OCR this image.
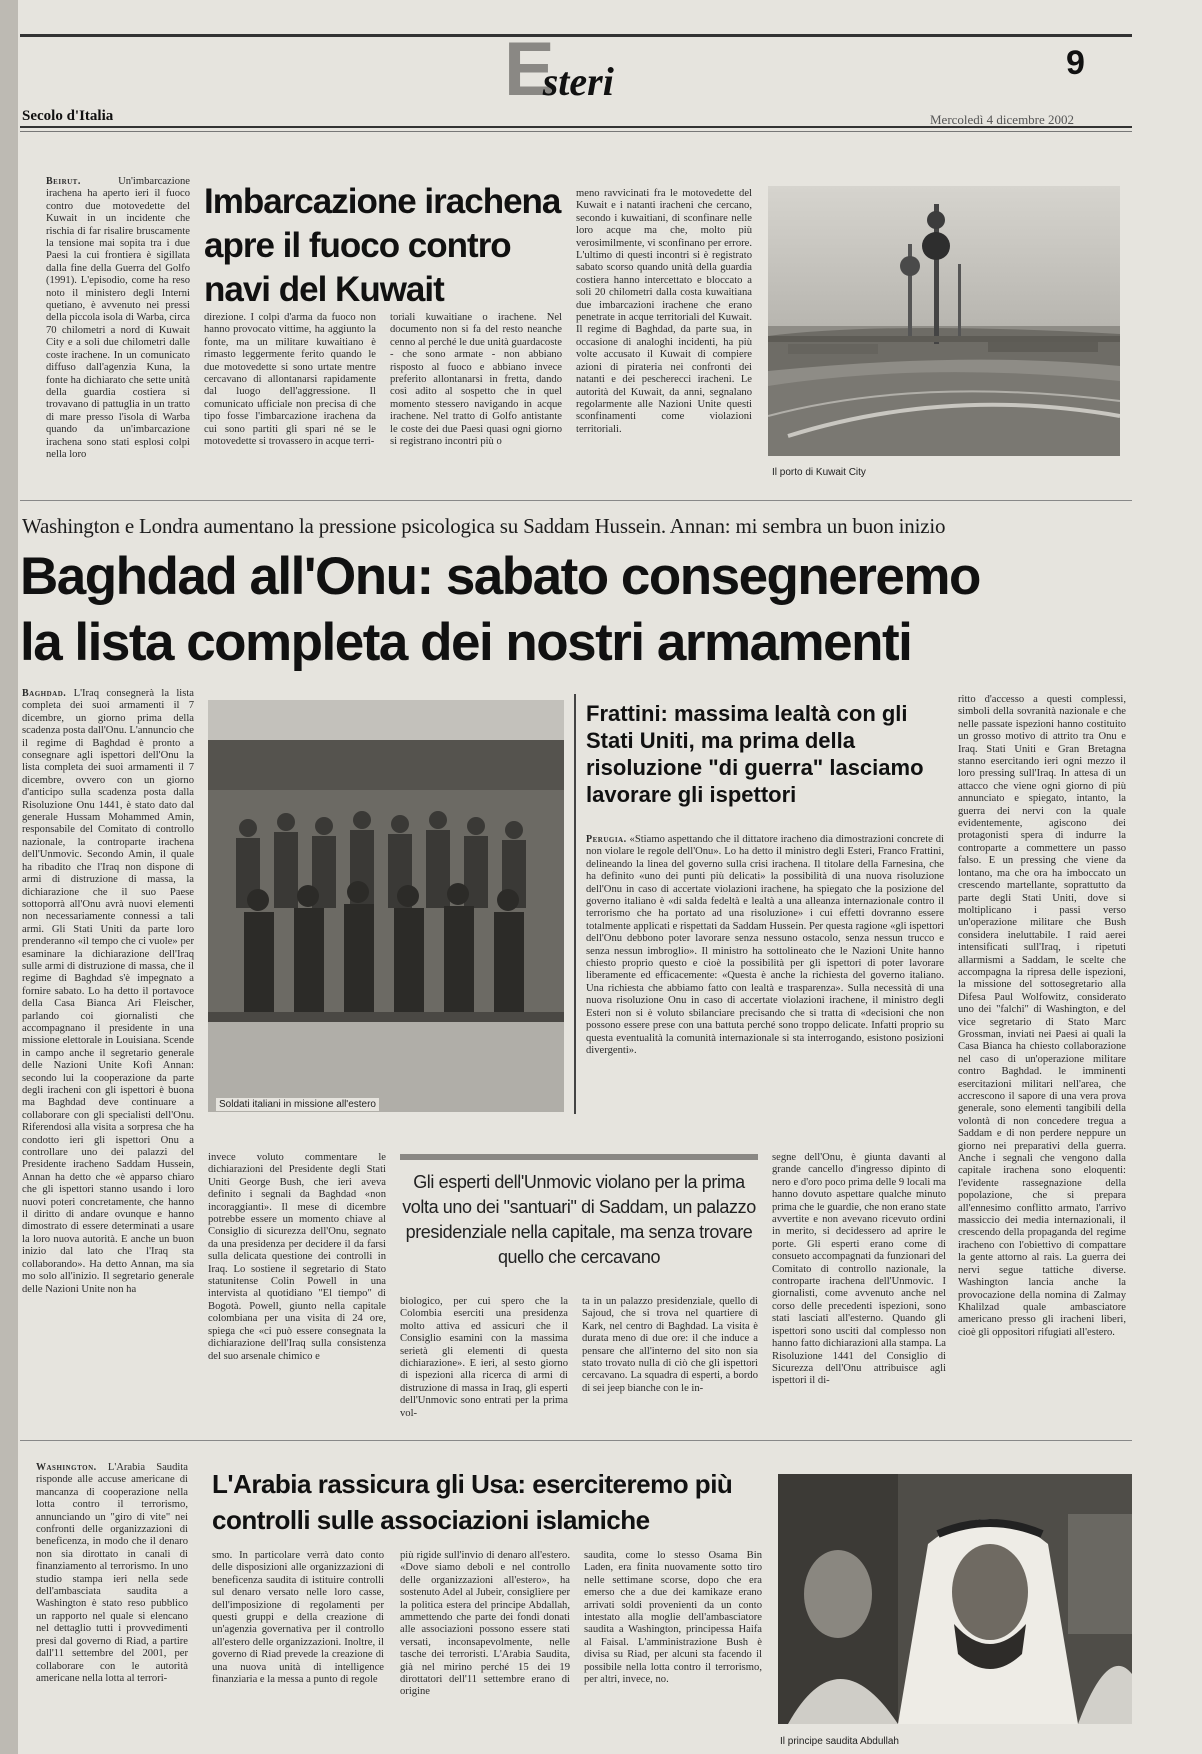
Esteri	9
Secolo d'Italia	Mercoledì 4 dicembre 2002
Beirut.	Un'imbarcazione irachena ha aperto ieri il fuoco contro due motovedette del Kuwait in un incidente che rischia di far risalire bruscamente la tensione mai sopita tra i due Paesi la cui frontiera è sigillata dalla fine della Guerra del Golfo (1991). L'episodio, come ha reso noto il ministero degli Interni quetiano, è avvenuto nei pressi della piccola isola di Warba, circa 70 chilometri a nord di Kuwait City e a soli due chilometri dalle coste irachene. In un comunicato diffuso dall'agenzia Kuna, la fonte ha dichiarato che sette unità della guardia costiera si trovavano di pattuglia in un tratto di mare presso l'isola di Warba quando da un'imbarcazione irachena sono stati esplosi colpi nella loro
Imbarcazione irachena apre il fuoco contro navi del Kuwait
direzione. I colpi d'arma da fuoco non hanno provocato vittime, ha aggiunto la fonte, ma un militare kuwaitiano è rimasto leggermente ferito quando le due motovedette si sono urtate mentre cercavano di allontanarsi rapidamente dal luogo dell'aggressione. Il comunicato ufficiale non precisa di che tipo fosse l'imbarcazione irachena da cui sono partiti gli spari né se le motovedette si trovassero in acque terri-
toriali kuwaitiane o irachene. Nel documento non si fa del resto neanche cenno al perché le due unità guardacoste - che sono armate - non abbiano risposto al fuoco e abbiano invece preferito allontanarsi in fretta, dando così adito al sospetto che in quel momento stessero navigando in acque irachene. Nel tratto di Golfo antistante le coste dei due Paesi quasi ogni giorno si registrano incontri più o
meno ravvicinati fra le motovedette del Kuwait e i natanti iracheni che cercano, secondo i kuwaitiani, di sconfinare nelle loro acque ma che, molto più verosimilmente, vi sconfinano per errore. L'ultimo di questi incontri si è registrato sabato scorso quando unità della guardia costiera hanno intercettato e bloccato a soli 20 chilometri dalla costa kuwaitiana due imbarcazioni irachene che erano penetrate in acque territoriali del Kuwait. Il regime di Baghdad, da parte sua, in occasione di analoghi incidenti, ha più volte accusato il Kuwait di compiere azioni di pirateria nei confronti dei natanti e dei pescherecci iracheni. Le autorità del Kuwait, da anni, segnalano regolarmente alle Nazioni Unite questi sconfinamenti come violazioni territoriali.
Il porto di Kuwait City
Washington e Londra aumentano la pressione psicologica su Saddam Hussein. Annan: mi sembra un buon inizio
Baghdad all'Onu: sabato consegneremo
la lista completa dei nostri armamenti
Baghdad. L'Iraq consegnerà la lista completa dei suoi armamenti il 7 dicembre, un giorno prima della scadenza posta dall'Onu. L'annuncio che il regime di Baghdad è pronto a consegnare agli ispettori dell'Onu la lista completa dei suoi armamenti il 7 dicembre, ovvero con un giorno d'anticipo sulla scadenza posta dalla Risoluzione Onu 1441, è stato dato dal generale Hussam Mohammed Amin, responsabile del Comitato di controllo nazionale, la controparte irachena dell'Unmovic. Secondo Amin, il quale ha ribadito che l'Iraq non dispone di armi di distruzione di massa, la dichiarazione che il suo Paese sottoporrà all'Onu avrà nuovi elementi non necessariamente connessi a tali armi. Gli Stati Uniti da parte loro prenderanno «il tempo che ci vuole» per esaminare la dichiarazione dell'Iraq sulle armi di distruzione di massa, che il regime di Baghdad s'è impegnato a fornire sabato. Lo ha detto il portavoce della Casa Bianca Ari Fleischer, parlando coi giornalisti che accompagnano il presidente in una missione elettorale in Louisiana. Scende in campo anche il segretario generale delle Nazioni Unite Kofi Annan: secondo lui la cooperazione da parte degli iracheni con gli ispettori è buona ma Baghdad deve continuare a collaborare con gli specialisti dell'Onu. Riferendosi alla visita a sorpresa che ha condotto ieri gli ispettori Onu a controllare uno dei palazzi del Presidente iracheno Saddam Hussein, Annan ha detto che «è apparso chiaro che gli ispettori stanno usando i loro nuovi poteri concretamente, che hanno il diritto di andare ovunque e hanno dimostrato di essere determinati a usare la loro nuova autorità. E anche un buon inizio dal lato che l'Iraq sta collaborando». Ha detto Annan, ma sia mo solo all'inizio. Il segretario generale delle Nazioni Unite non ha
Soldati italiani in missione all'estero
Frattini: massima lealtà con gli Stati Uniti, ma prima della risoluzione "di guerra" lasciamo lavorare gli ispettori
Perugia. «Stiamo aspettando che il dittatore iracheno dia dimostrazioni concrete di non violare le regole dell'Onu». Lo ha detto il ministro degli Esteri, Franco Frattini, delineando la linea del governo sulla crisi irachena. Il titolare della Farnesina, che ha definito «uno dei punti più delicati» la possibilità di una nuova risoluzione dell'Onu in caso di accertate violazioni irachene, ha spiegato che la posizione del governo italiano è «di salda fedeltà e lealtà a una alleanza internazionale contro il terrorismo che ha portato ad una risoluzione» i cui effetti dovranno essere totalmente applicati e rispettati da Saddam Hussein. Per questa ragione «gli ispettori dell'Onu debbono poter lavorare senza nessuno ostacolo, senza nessun trucco e senza nessun imbroglio». Il ministro ha sottolineato che le Nazioni Unite hanno chiesto proprio questo e cioè la possibilità per gli ispettori di poter lavorare liberamente ed efficacemente: «Questa è anche la richiesta del governo italiano. Una richiesta che abbiamo fatto con lealtà e trasparenza». Sulla necessità di una nuova risoluzione Onu in caso di accertate violazioni irachene, il ministro degli Esteri non si è voluto sbilanciare precisando che si tratta di «decisioni che non possono essere prese con una battuta perché sono troppo delicate. Infatti proprio su questa eventualità la comunità internazionale si sta interrogando, esistono posizioni divergenti».
ritto d'accesso a questi complessi, simboli della sovranità nazionale e che nelle passate ispezioni hanno costituito un grosso motivo di attrito tra Onu e Iraq. Stati Uniti e Gran Bretagna stanno esercitando ieri ogni mezzo il loro pressing sull'Iraq. In attesa di un attacco che viene ogni giorno di più annunciato e spiegato, intanto, la guerra dei nervi con la quale evidentemente, agiscono dei protagonisti spera di indurre la controparte a commettere un passo falso. E un pressing che viene da lontano, ma che ora ha imboccato un crescendo martellante, soprattutto da parte degli Stati Uniti, dove si moltiplicano i passi verso un'operazione militare che Bush considera ineluttabile. I raid aerei intensificati sull'Iraq, i ripetuti allarmismi a Saddam, le scelte che accompagna la ripresa delle ispezioni, la missione del sottosegretario alla Difesa Paul Wolfowitz, considerato uno dei "falchi" di Washington, e del vice segretario di Stato Marc Grossman, inviati nei Paesi ai quali la Casa Bianca ha chiesto collaborazione nel caso di un'operazione militare contro Baghdad. le imminenti esercitazioni militari nell'area, che accrescono il sapore di una vera prova generale, sono elementi tangibili della volontà di non concedere tregua a Saddam e di non perdere neppure un giorno nei preparativi della guerra. Anche i segnali che vengono dalla capitale irachena sono eloquenti: l'evidente rassegnazione della popolazione, che si prepara all'ennesimo conflitto armato, l'arrivo massiccio dei media internazionali, il crescendo della propaganda del regime iracheno con l'obiettivo di compattare la gente attorno al raìs. La guerra dei nervi segue tattiche diverse. Washington lancia anche la provocazione della nomina di Zalmay Khalilzad quale ambasciatore americano presso gli iracheni liberi, cioè gli oppositori rifugiati all'estero.
Gli esperti dell'Unmovic violano per la prima volta uno dei "santuari" di Saddam, un palazzo presidenziale nella capitale, ma senza trovare quello che cercavano
invece voluto commentare le dichiarazioni del Presidente degli Stati Uniti George Bush, che ieri aveva definito i segnali da Baghdad «non incoraggianti». Il mese di dicembre potrebbe essere un momento chiave al Consiglio di sicurezza dell'Onu, segnato da una presidenza per decidere il da farsi sulla delicata questione dei controlli in Iraq. Lo sostiene il segretario di Stato statunitense Colin Powell in una intervista al quotidiano "El tiempo" di Bogotà. Powell, giunto nella capitale colombiana per una visita di 24 ore, spiega che «ci può essere consegnata la dichiarazione dell'Iraq sulla consistenza del suo arsenale chimico e
biologico, per cui spero che la Colombia eserciti una presidenza molto attiva ed assicuri che il Consiglio esamini con la massima serietà gli elementi di questa dichiarazione». E ieri, al sesto giorno di ispezioni alla ricerca di armi di distruzione di massa in Iraq, gli esperti dell'Unmovic sono entrati per la prima vol-
ta in un palazzo presidenziale, quello di Sajoud, che si trova nel quartiere di Kark, nel centro di Baghdad. La visita è durata meno di due ore: il che induce a pensare che all'interno del sito non sia stato trovato nulla di ciò che gli ispettori cercavano. La squadra di esperti, a bordo di sei jeep bianche con le in-
segne dell'Onu, è giunta davanti al grande cancello d'ingresso dipinto di nero e d'oro poco prima delle 9 locali ma hanno dovuto aspettare qualche minuto prima che le guardie, che non erano state avvertite e non avevano ricevuto ordini in merito, si decidessero ad aprire le porte. Gli esperti erano come di consueto accompagnati da funzionari del Comitato di controllo nazionale, la controparte irachena dell'Unmovic. I giornalisti, come avvenuto anche nel corso delle precedenti ispezioni, sono stati lasciati all'esterno. Quando gli ispettori sono usciti dal complesso non hanno fatto dichiarazioni alla stampa. La Risoluzione 1441 del Consiglio di Sicurezza dell'Onu attribuisce agli ispettori il di-
Washington. L'Arabia Saudita risponde alle accuse americane di mancanza di cooperazione nella lotta contro il terrorismo, annunciando un "giro di vite" nei confronti delle organizzazioni di beneficenza, in modo che il denaro non sia dirottato in canali di finanziamento al terrorismo. In uno studio stampa ieri nella sede dell'ambasciata saudita a Washington è stato reso pubblico un rapporto nel quale si elencano nel dettaglio tutti i provvedimenti presi dal governo di Riad, a partire dall'11 settembre del 2001, per collaborare con le autorità americane nella lotta al terrori-
L'Arabia rassicura gli Usa: eserciteremo più controlli sulle associazioni islamiche
smo. In particolare verrà dato conto delle disposizioni alle organizzazioni di beneficenza saudita di istituire controlli sul denaro versato nelle loro casse, dell'imposizione di regolamenti per questi gruppi e della creazione di un'agenzia governativa per il controllo all'estero delle organizzazioni. Inoltre, il governo di Riad prevede la creazione di una nuova unità di intelligence finanziaria e la messa a punto di regole
più rigide sull'invio di denaro all'estero. «Dove siamo deboli e nel controllo delle organizzazioni all'estero», ha sostenuto Adel al Jubeir, consigliere per la politica estera del principe Abdallah, ammettendo che parte dei fondi donati alle associazioni possono essere stati versati, inconsapevolmente, nelle tasche dei terroristi. L'Arabia Saudita, già nel mirino perché 15 dei 19 dirottatori dell'11 settembre erano di origine
saudita, come lo stesso Osama Bin Laden, era finita nuovamente sotto tiro nelle settimane scorse, dopo che era emerso che a due dei kamikaze erano arrivati soldi provenienti da un conto intestato alla moglie dell'ambasciatore saudita a Washington, principessa Haifa al Faisal. L'amministrazione Bush è divisa su Riad, per alcuni sta facendo il possibile nella lotta contro il terrorismo, per altri, invece, no.
Il principe saudita Abdullah
